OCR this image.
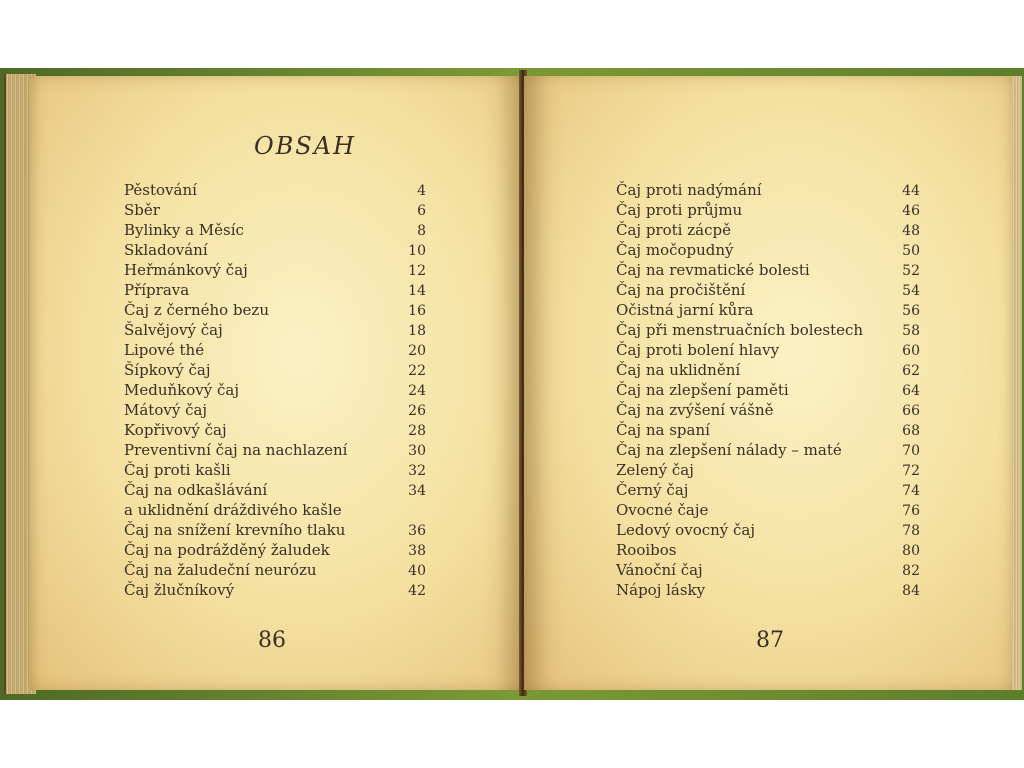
OBSAH
Pěstování	4
Sběr	6
Bylinky a Měsíc	8
Skladování	10
Heřmánkový čaj	12
Příprava	14
Čaj z černého bezu	16
Šalvějový čaj	18
Lipové thé	20
Šípkový čaj	22
Meduňkový čaj	24
Mátový čaj	26
Kopřivový čaj	28
Preventivní čaj na nachlazení	30
Čaj proti kašli	32
Čaj na odkašlávání	34
a uklidnění dráždivého kašle
Čaj na snížení krevního tlaku	36
Čaj na podrážděný žaludek	38
Čaj na žaludeční neurózu	40
Čaj žlučníkový	42
86
Čaj proti nadýmání	44
Čaj proti průjmu	46
Čaj proti zácpě	48
Čaj močopudný	50
Čaj na revmatické bolesti	52
Čaj na pročištění	54
Očistná jarní kůra	56
Čaj při menstruačních bolestech	58
Čaj proti bolení hlavy	60
Čaj na uklidnění	62
Čaj na zlepšení paměti	64
Čaj na zvýšení vášně	66
Čaj na spaní	68
Čaj na zlepšení nálady – maté	70
Zelený čaj	72
Černý čaj	74
Ovocné čaje	76
Ledový ovocný čaj	78
Rooibos	80
Vánoční čaj	82
Nápoj lásky	84
87
